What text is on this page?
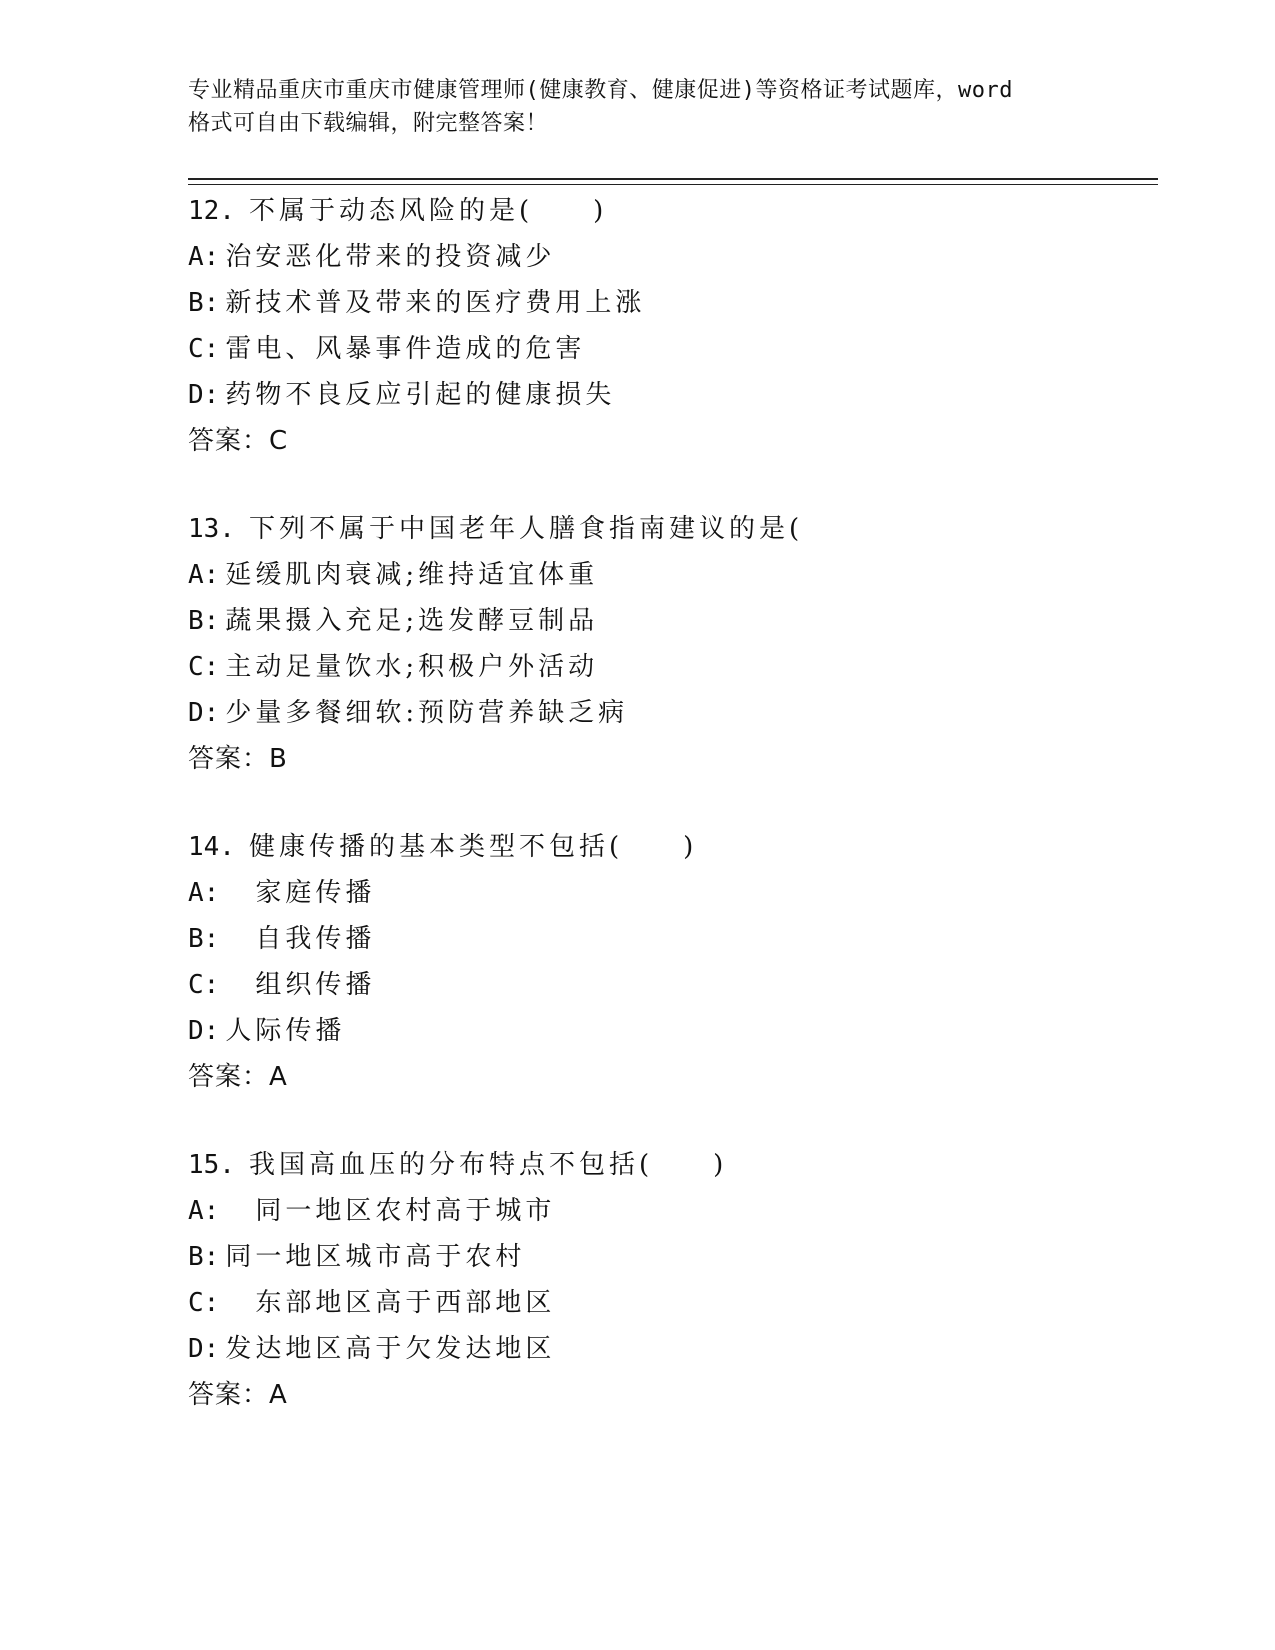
专业精品重庆市重庆市健康管理师(健康教育、健康促进)等资格证考试题库，word
格式可自由下载编辑，附完整答案！
12. 不属于动态风险的是(　　)
A: 治安恶化带来的投资减少
B: 新技术普及带来的医疗费用上涨
C: 雷电、风暴事件造成的危害
D: 药物不良反应引起的健康损失
答案：C
13. 下列不属于中国老年人膳食指南建议的是(
A: 延缓肌肉衰减;维持适宜体重
B: 蔬果摄入充足;选发酵豆制品
C: 主动足量饮水;积极户外活动
D: 少量多餐细软:预防营养缺乏病
答案：B
14. 健康传播的基本类型不包括(　　)
A:　家庭传播
B:　自我传播
C:　组织传播
D: 人际传播
答案：A
15. 我国高血压的分布特点不包括(　　)
A:　同一地区农村高于城市
B: 同一地区城市高于农村
C:　东部地区高于西部地区
D: 发达地区高于欠发达地区
答案：A
